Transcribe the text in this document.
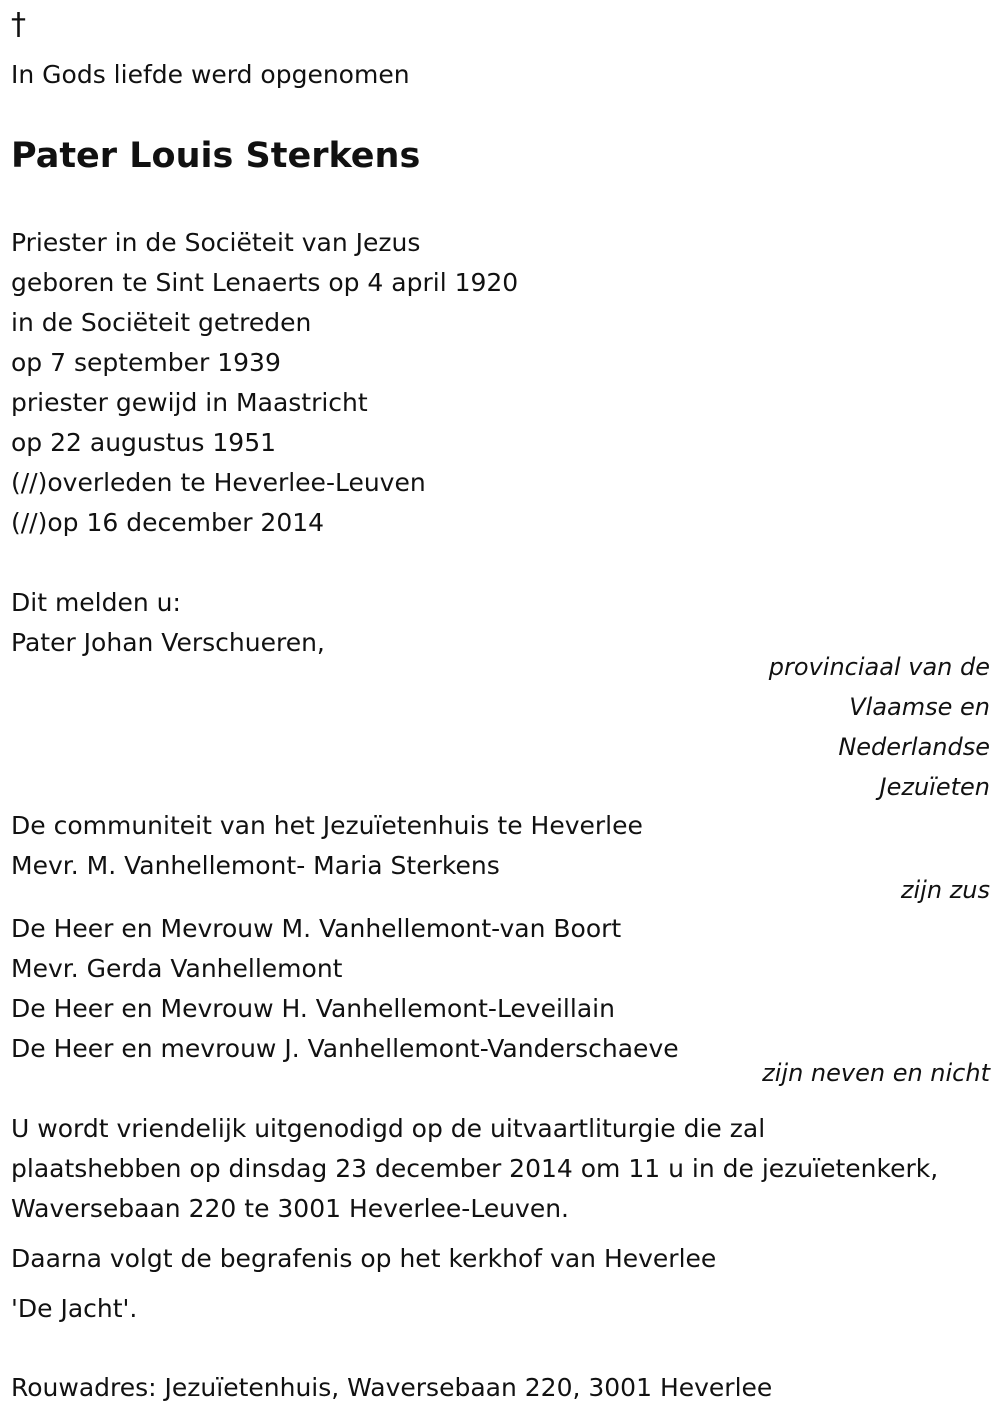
†
In Gods liefde werd opgenomen
Pater Louis Sterkens
Priester in de Sociëteit van Jezus
geboren te Sint Lenaerts op 4 april 1920
in de Sociëteit getreden
op 7 september 1939
priester gewijd in Maastricht
op 22 augustus 1951
(//)overleden te Heverlee-Leuven
(//)op 16 december 2014
Dit melden u:
Pater Johan Verschueren,
provinciaal van de
Vlaamse en
Nederlandse
Jezuïeten
De communiteit van het Jezuïetenhuis te Heverlee
Mevr. M. Vanhellemont- Maria Sterkens
zijn zus
De Heer en Mevrouw M. Vanhellemont-van Boort
Mevr. Gerda Vanhellemont
De Heer en Mevrouw H. Vanhellemont-Leveillain
De Heer en mevrouw J. Vanhellemont-Vanderschaeve
zijn neven en nicht
U wordt vriendelijk uitgenodigd op de uitvaartliturgie die zal
plaatshebben op dinsdag 23 december 2014 om 11 u in de jezuïetenkerk,
Waversebaan 220 te 3001 Heverlee-Leuven.
Daarna volgt de begrafenis op het kerkhof van Heverlee
'De Jacht'.
Rouwadres: Jezuïetenhuis, Waversebaan 220, 3001 Heverlee
